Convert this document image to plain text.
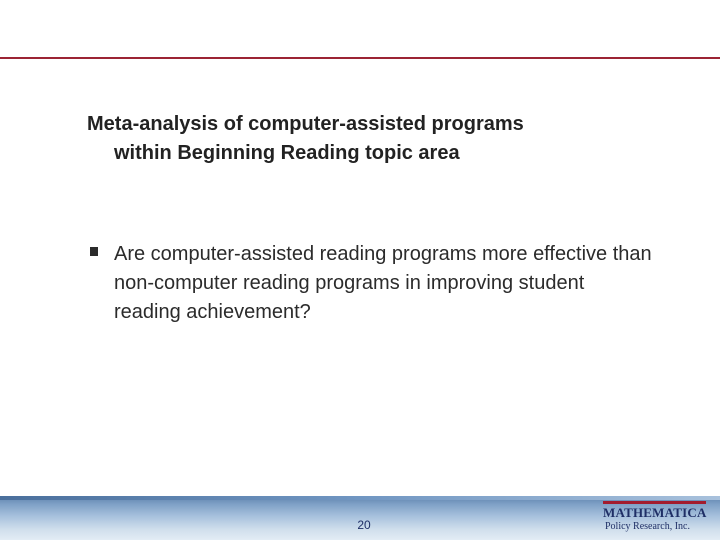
Meta-analysis of computer-assisted programs
within Beginning Reading topic area
Are computer-assisted reading programs more effective than non-computer reading programs in improving student reading achievement?
20
MATHEMATICA
Policy Research, Inc.
